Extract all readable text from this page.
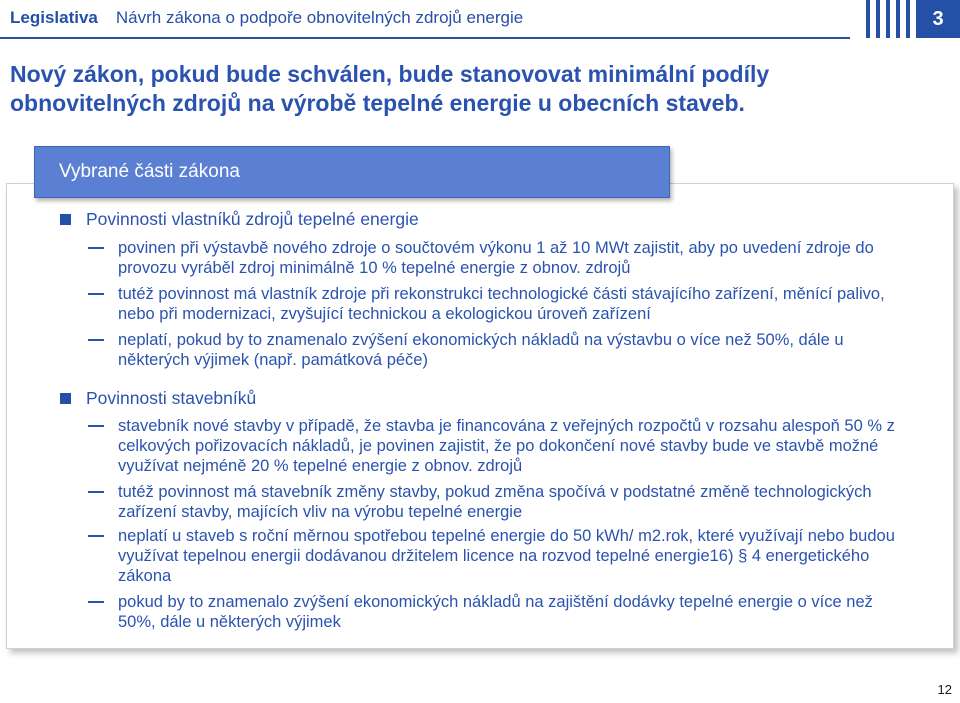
Legislativa Návrh zákona o podpoře obnovitelných zdrojů energie	3
Nový zákon, pokud bude schválen, bude stanovovat minimální podíly
obnovitelných zdrojů na výrobě tepelné energie u obecních staveb.
Vybrané části zákona
Povinnosti vlastníků zdrojů tepelné energie
povinen při výstavbě nového zdroje o součtovém výkonu 1 až 10 MWt zajistit, aby po uvedení zdroje do provozu vyráběl zdroj minimálně 10 % tepelné energie z obnov. zdrojů
tutéž povinnost má vlastník zdroje při rekonstrukci technologické části stávajícího zařízení, měnící palivo, nebo při modernizaci, zvyšující technickou a ekologickou úroveň zařízení
neplatí, pokud by to znamenalo zvýšení ekonomických nákladů na výstavbu o více než 50%, dále u některých výjimek (např. památková péče)
Povinnosti stavebníků
stavebník nové stavby v případě, že stavba je financována z veřejných rozpočtů v rozsahu alespoň 50 % z celkových pořizovacích nákladů, je povinen zajistit, že po dokončení nové stavby bude ve stavbě možné využívat nejméně 20 % tepelné energie z obnov. zdrojů
tutéž povinnost má stavebník změny stavby, pokud změna spočívá v podstatné změně technologických zařízení stavby, majících vliv na výrobu tepelné energie
neplatí u staveb s roční měrnou spotřebou tepelné energie do 50 kWh/ m2.rok, které využívají nebo budou využívat tepelnou energii dodávanou držitelem licence na rozvod tepelné energie16) § 4 energetického zákona
pokud by to znamenalo zvýšení ekonomických nákladů na zajištění dodávky tepelné energie o více než 50%, dále u některých výjimek
12
